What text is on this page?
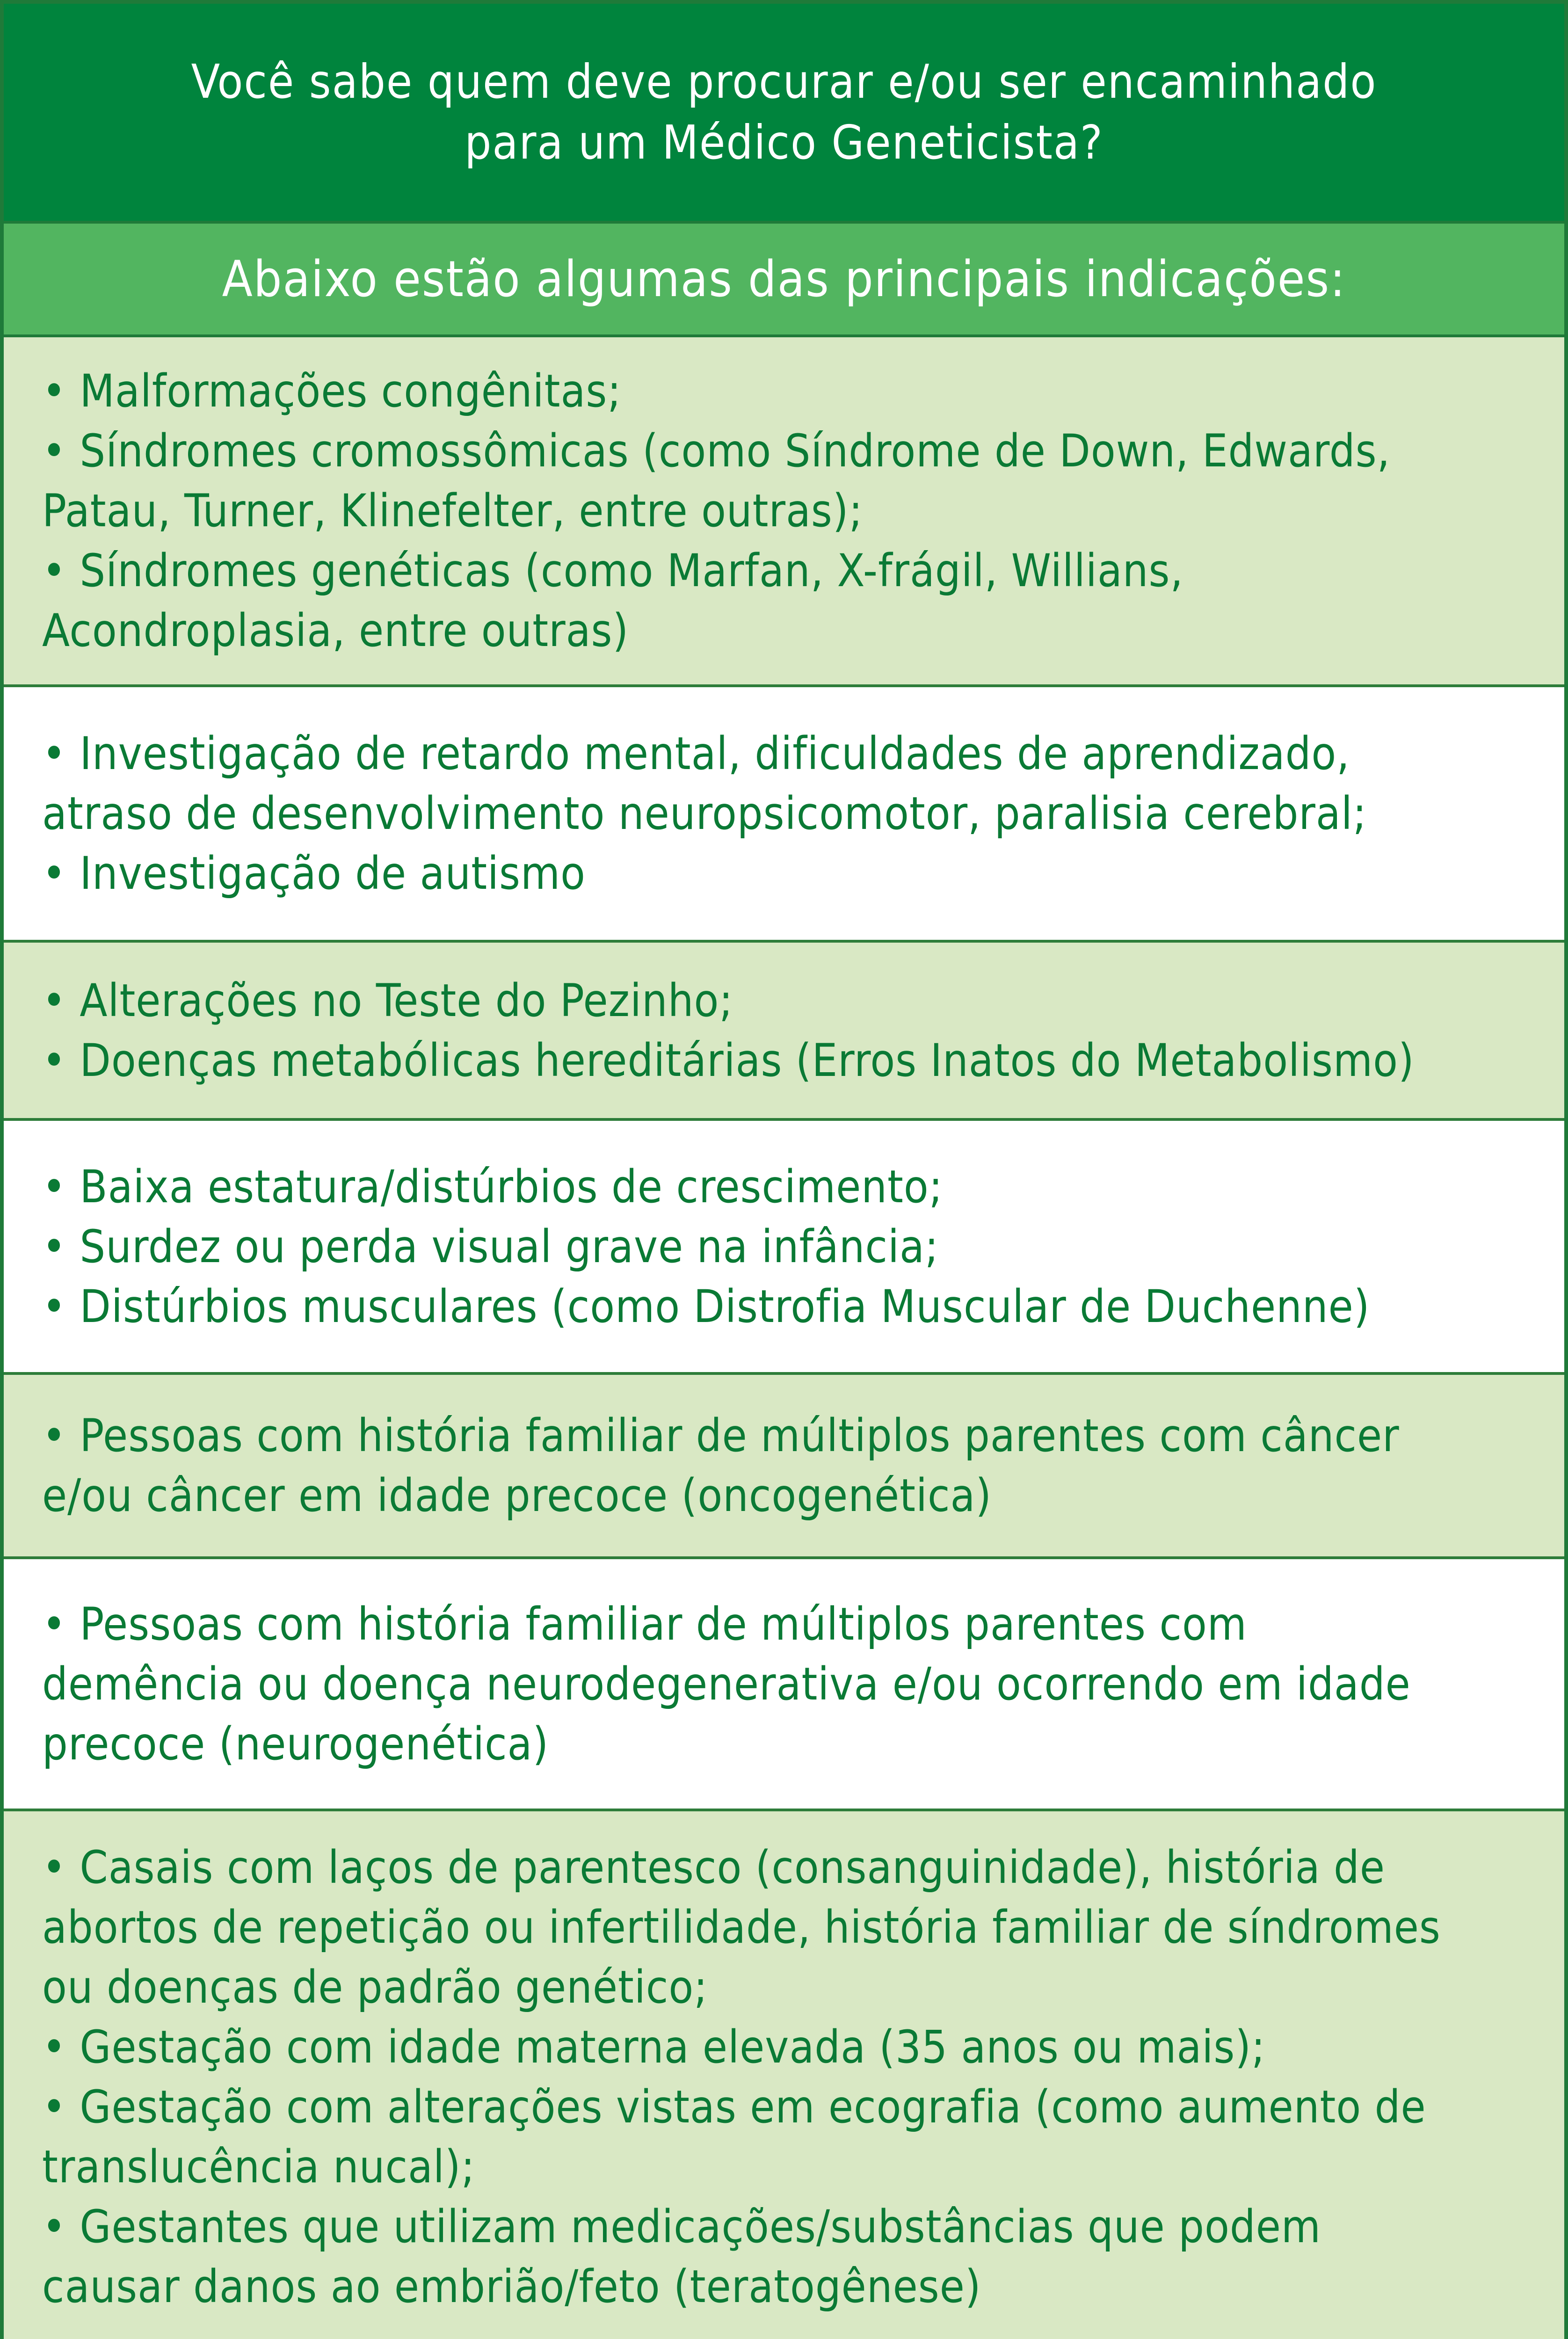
Você sabe quem deve procurar e/ou ser encaminhado
para um Médico Geneticista?
Abaixo estão algumas das principais indicações:
• Malformações congênitas;
• Síndromes cromossômicas (como Síndrome de Down, Edwards,
Patau, Turner, Klinefelter, entre outras);
• Síndromes genéticas (como Marfan, X-frágil, Willians,
Acondroplasia, entre outras)
• Investigação de retardo mental, dificuldades de aprendizado,
atraso de desenvolvimento neuropsicomotor, paralisia cerebral;
• Investigação de autismo
• Alterações no Teste do Pezinho;
• Doenças metabólicas hereditárias (Erros Inatos do Metabolismo)
• Baixa estatura/distúrbios de crescimento;
• Surdez ou perda visual grave na infância;
• Distúrbios musculares (como Distrofia Muscular de Duchenne)
• Pessoas com história familiar de múltiplos parentes com câncer
e/ou câncer em idade precoce (oncogenética)
• Pessoas com história familiar de múltiplos parentes com
demência ou doença neurodegenerativa e/ou ocorrendo em idade
precoce (neurogenética)
• Casais com laços de parentesco (consanguinidade), história de
abortos de repetição ou infertilidade, história familiar de síndromes
ou doenças de padrão genético;
• Gestação com idade materna elevada (35 anos ou mais);
• Gestação com alterações vistas em ecografia (como aumento de
translucência nucal);
• Gestantes que utilizam medicações/substâncias que podem
causar danos ao embrião/feto (teratogênese)
